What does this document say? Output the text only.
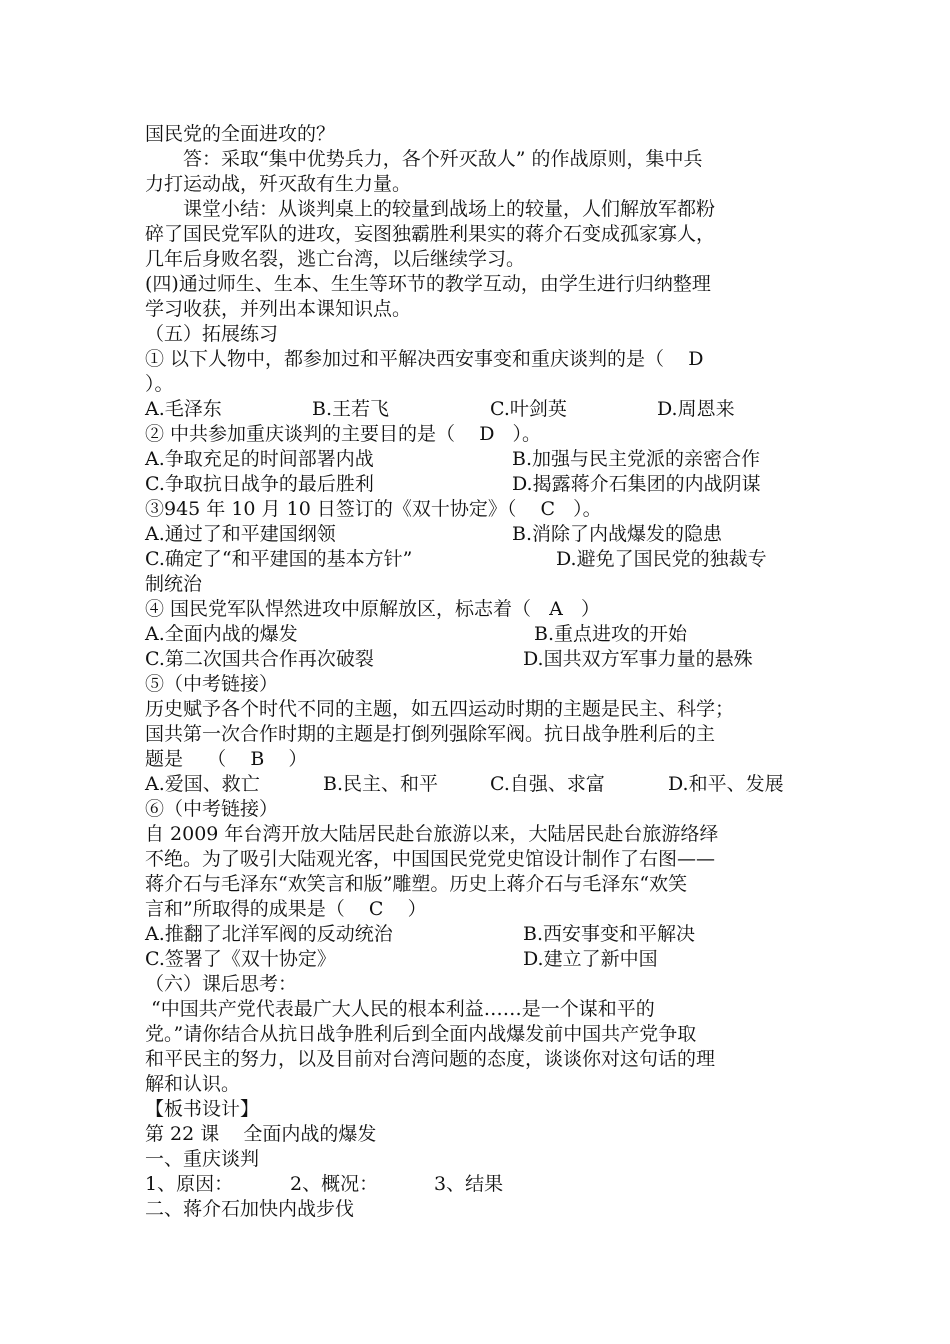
国民党的全面进攻的？
答：采取“集中优势兵力，各个歼灭敌人” 的作战原则，集中兵
力打运动战，歼灭敌有生力量。
课堂小结：从谈判桌上的较量到战场上的较量，人们解放军都粉
碎了国民党军队的进攻，妄图独霸胜利果实的蒋介石变成孤家寡人，
几年后身败名裂，逃亡台湾，以后继续学习。
(四)通过师生、生本、生生等环节的教学互动，由学生进行归纳整理
学习收获，并列出本课知识点。
（五）拓展练习
① 以下人物中，都参加过和平解决西安事变和重庆谈判的是（    D
）。
A.毛泽东	B.王若飞	C.叶剑英	D.周恩来
② 中共参加重庆谈判的主要目的是（    D   ）。
A.争取充足的时间部署内战	B.加强与民主党派的亲密合作
C.争取抗日战争的最后胜利	D.揭露蒋介石集团的内战阴谋
③945 年 10 月 10 日签订的《双十协定》（    C   ）。
A.通过了和平建国纲领	B.消除了内战爆发的隐患
C.确定了“和平建国的基本方针”	D.避免了国民党的独裁专
制统治
④ 国民党军队悍然进攻中原解放区，标志着（   A   ）
A.全面内战的爆发	B.重点进攻的开始
C.第二次国共合作再次破裂	D.国共双方军事力量的悬殊
⑤（中考链接）
历史赋予各个时代不同的主题，如五四运动时期的主题是民主、科学；
国共第一次合作时期的主题是打倒列强除军阀。抗日战争胜利后的主
题是    （    B    ）
A.爱国、救亡	B.民主、和平	C.自强、求富	D.和平、发展
⑥（中考链接）
自 2009 年台湾开放大陆居民赴台旅游以来，大陆居民赴台旅游络绎
不绝。为了吸引大陆观光客，中国国民党党史馆设计制作了右图——
蒋介石与毛泽东“欢笑言和版”雕塑。历史上蒋介石与毛泽东“欢笑
言和”所取得的成果是（    C    ）
A.推翻了北洋军阀的反动统治	B.西安事变和平解决
C.签署了《双十协定》	D.建立了新中国
（六）课后思考：
“中国共产党代表最广大人民的根本利益……是一个谋和平的
党。”请你结合从抗日战争胜利后到全面内战爆发前中国共产党争取
和平民主的努力，以及目前对台湾问题的态度，谈谈你对这句话的理
解和认识。
【板书设计】
第 22 课    全面内战的爆发
一、重庆谈判
1、原因：	2、概况：	3、结果
二、蒋介石加快内战步伐
